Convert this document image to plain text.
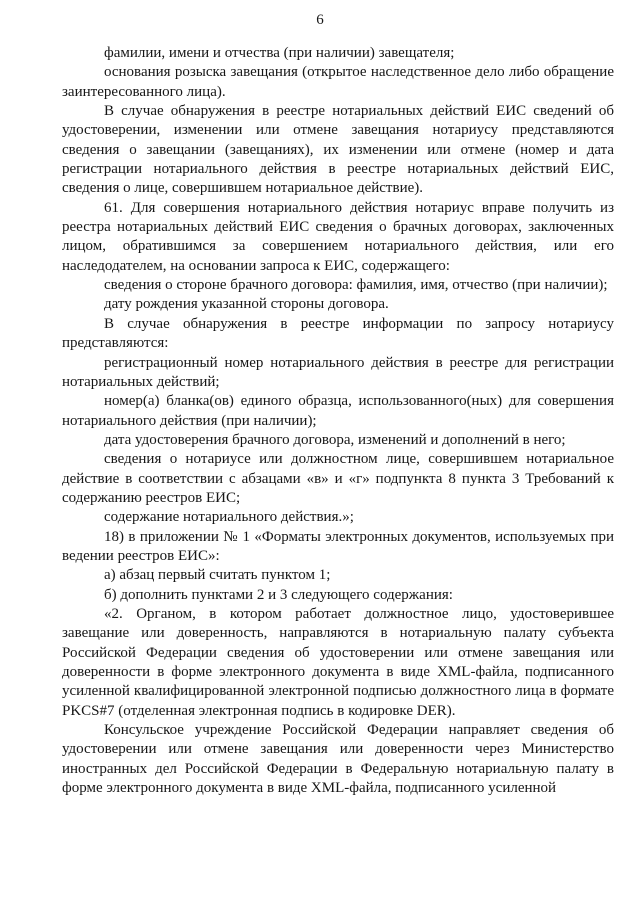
6

фамилии, имени и отчества (при наличии) завещателя;

основания розыска завещания (открытое наследственное дело либо обращение заинтересованного лица).

В случае обнаружения в реестре нотариальных действий ЕИС сведений об удостоверении, изменении или отмене завещания нотариусу представляются сведения о завещании (завещаниях), их изменении или отмене (номер и дата регистрации нотариального действия в реестре нотариальных действий ЕИС, сведения о лице, совершившем нотариальное действие).

61. Для совершения нотариального действия нотариус вправе получить из реестра нотариальных действий ЕИС сведения о брачных договорах, заключенных лицом, обратившимся за совершением нотариального действия, или его наследодателем, на основании запроса к ЕИС, содержащего:

сведения о стороне брачного договора: фамилия, имя, отчество (при наличии);

дату рождения указанной стороны договора.

В случае обнаружения в реестре информации по запросу нотариусу представляются:

регистрационный номер нотариального действия в реестре для регистрации нотариальных действий;

номер(а) бланка(ов) единого образца, использованного(ных) для совершения нотариального действия (при наличии);

дата удостоверения брачного договора, изменений и дополнений в него;

сведения о нотариусе или должностном лице, совершившем нотариальное действие в соответствии с абзацами «в» и «г» подпункта 8 пункта 3 Требований к содержанию реестров ЕИС;

содержание нотариального действия.»;

18) в приложении № 1 «Форматы электронных документов, используемых при ведении реестров ЕИС»:

а) абзац первый считать пунктом 1;

б) дополнить пунктами 2 и 3 следующего содержания:

«2. Органом, в котором работает должностное лицо, удостоверившее завещание или доверенность, направляются в нотариальную палату субъекта Российской Федерации сведения об удостоверении или отмене завещания или доверенности в форме электронного документа в виде XML-файла, подписанного усиленной квалифицированной электронной подписью должностного лица в формате PKCS#7 (отделенная электронная подпись в кодировке DER).

Консульское учреждение Российской Федерации направляет сведения об удостоверении или отмене завещания или доверенности через Министерство иностранных дел Российской Федерации в Федеральную нотариальную палату в форме электронного документа в виде XML-файла, подписанного усиленной
